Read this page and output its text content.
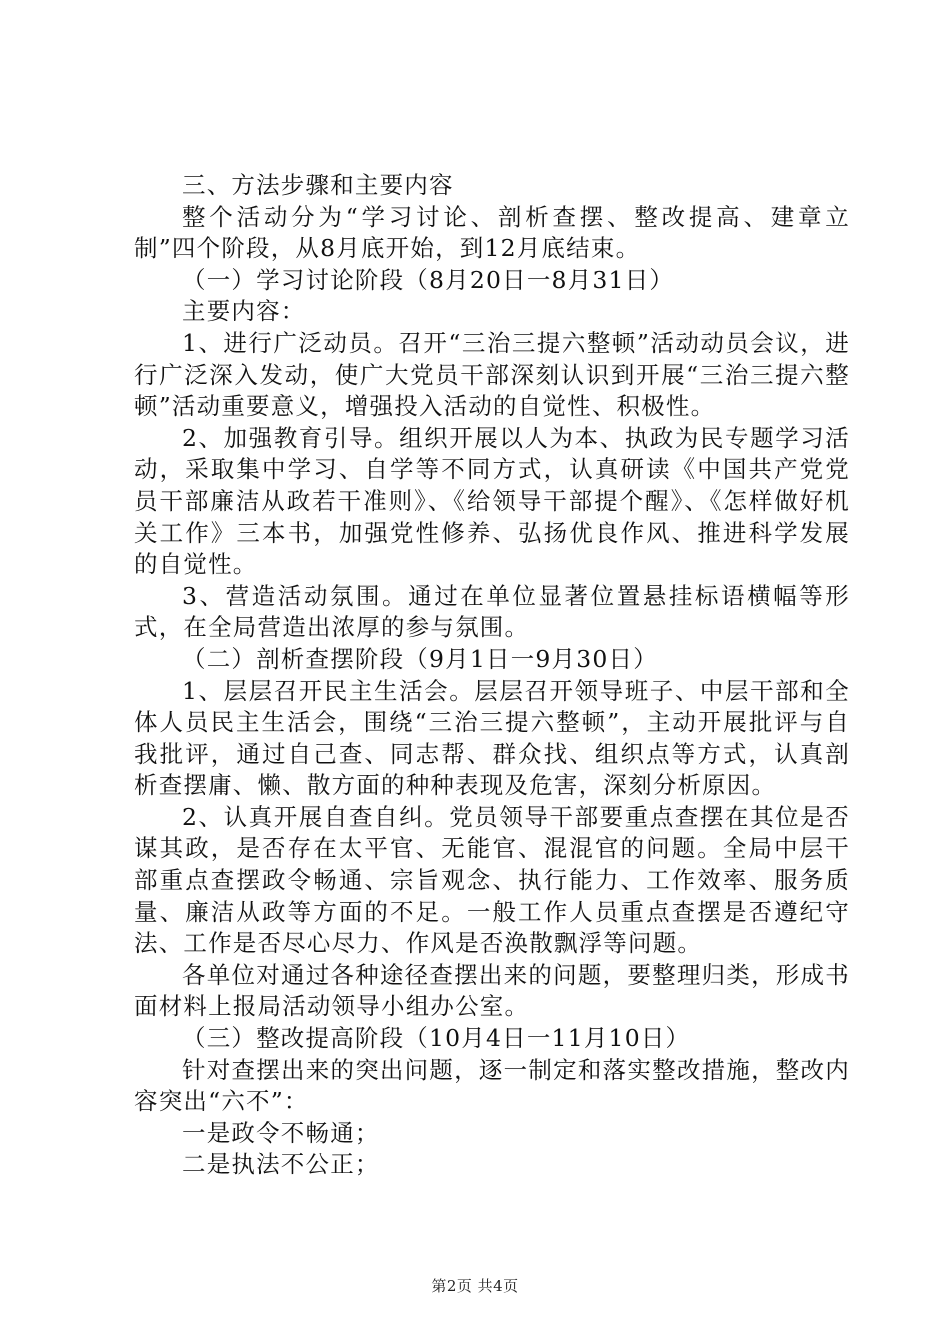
三、方法步骤和主要内容

整个活动分为“学习讨论、剖析查摆、整改提高、建章立制”四个阶段，从8月底开始，到12月底结束。

（一）学习讨论阶段（8月20日一8月31日）

主要内容：

1、进行广泛动员。召开“三治三提六整顿”活动动员会议，进行广泛深入发动，使广大党员干部深刻认识到开展“三治三提六整顿”活动重要意义，增强投入活动的自觉性、积极性。

2、加强教育引导。组织开展以人为本、执政为民专题学习活动，采取集中学习、自学等不同方式，认真研读《中国共产党党员干部廉洁从政若干准则》、《给领导干部提个醒》、《怎样做好机关工作》三本书，加强党性修养、弘扬优良作风、推进科学发展的自觉性。

3、营造活动氛围。通过在单位显著位置悬挂标语横幅等形式，在全局营造出浓厚的参与氛围。

（二）剖析查摆阶段（9月1日一9月30日）

1、层层召开民主生活会。层层召开领导班子、中层干部和全体人员民主生活会，围绕“三治三提六整顿”，主动开展批评与自我批评，通过自己查、同志帮、群众找、组织点等方式，认真剖析查摆庸、懒、散方面的种种表现及危害，深刻分析原因。

2、认真开展自查自纠。党员领导干部要重点查摆在其位是否谋其政，是否存在太平官、无能官、混混官的问题。全局中层干部重点查摆政令畅通、宗旨观念、执行能力、工作效率、服务质量、廉洁从政等方面的不足。一般工作人员重点查摆是否遵纪守法、工作是否尽心尽力、作风是否涣散飘浮等问题。

各单位对通过各种途径查摆出来的问题，要整理归类，形成书面材料上报局活动领导小组办公室。

（三）整改提高阶段（10月4日一11月10日）

针对查摆出来的突出问题，逐一制定和落实整改措施，整改内容突出“六不”：

一是政令不畅通；

二是执法不公正；

第2页 共4页
